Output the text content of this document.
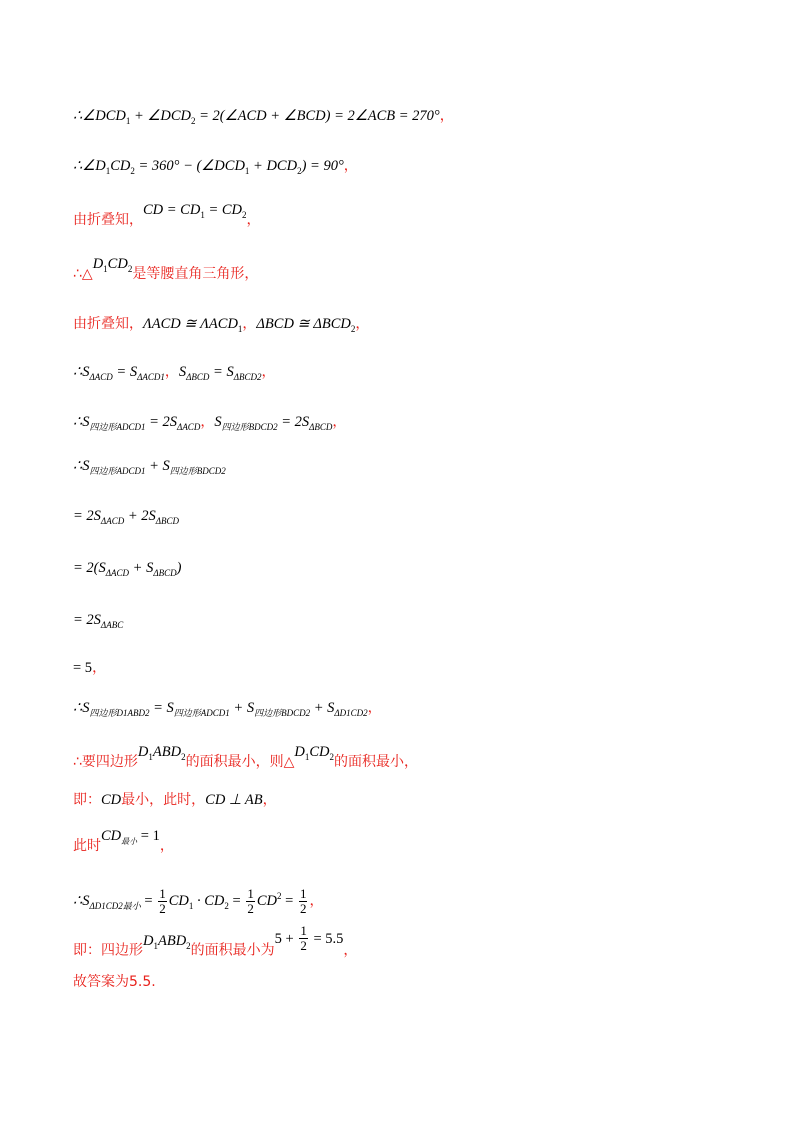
$\therefore\angle DCD_1$ + $\angle DCD_2$ = 2(∠ACD + ∠BCD) = 2∠ACB = 270°，
$\therefore\angle D_1CD_2 = 360^\circ$ − $(\angle DCD_1 + DCD_2) = 90^\circ$，
由折叠知，CD = $CD_1 = CD_2$，
$\therefore\triangle D_1CD_2$是等腰直角三角形，
由折叠知，ΛACD ≅ $\Lambda ACD_1$，ΔBCD ≅ $\Delta BCD_2$，
$\therefore S_{\Delta ACD} = S_{\Delta ACD1}$，$S_{\Delta BCD} = S_{\Delta BCD2}$，
$\therefore S_{四边形ADCD1} = 2S_{\Delta ACD}$，$S_{四边形BDCD2} = 2S_{\Delta BCD}$，
$\therefore S_{四边形ADCD1} + S_{四边形BDCD2}$
= $2S_{\Delta ACD} + 2S_{\Delta BCD}$
= $2(S_{\Delta ACD} + S_{\Delta BCD})$
= $2S_{\Delta ABC}$
= 5，
$\therefore S_{四边形D1ABD2} = S_{四边形ADCD1} + S_{四边形BDCD2} + S_{\Delta D1CD2}$，
∴要四边形$D_1ABD_2$的面积最小，则$\triangle D_1CD_2$的面积最小，
即：CD最小，此时，CD ⊥ AB，
此时$CD_{最小} = 1$，
$\therefore S_{\Delta D1CD2最小} = \frac{1}{2} CD_1 \cdot CD_2 = \frac{1}{2} CD^2 = \frac{1}{2}$ ，
即：四边形$D_1ABD_2$的面积最小为$5 + \frac{1}{2} = 5.5$，
故答案为5.5.
